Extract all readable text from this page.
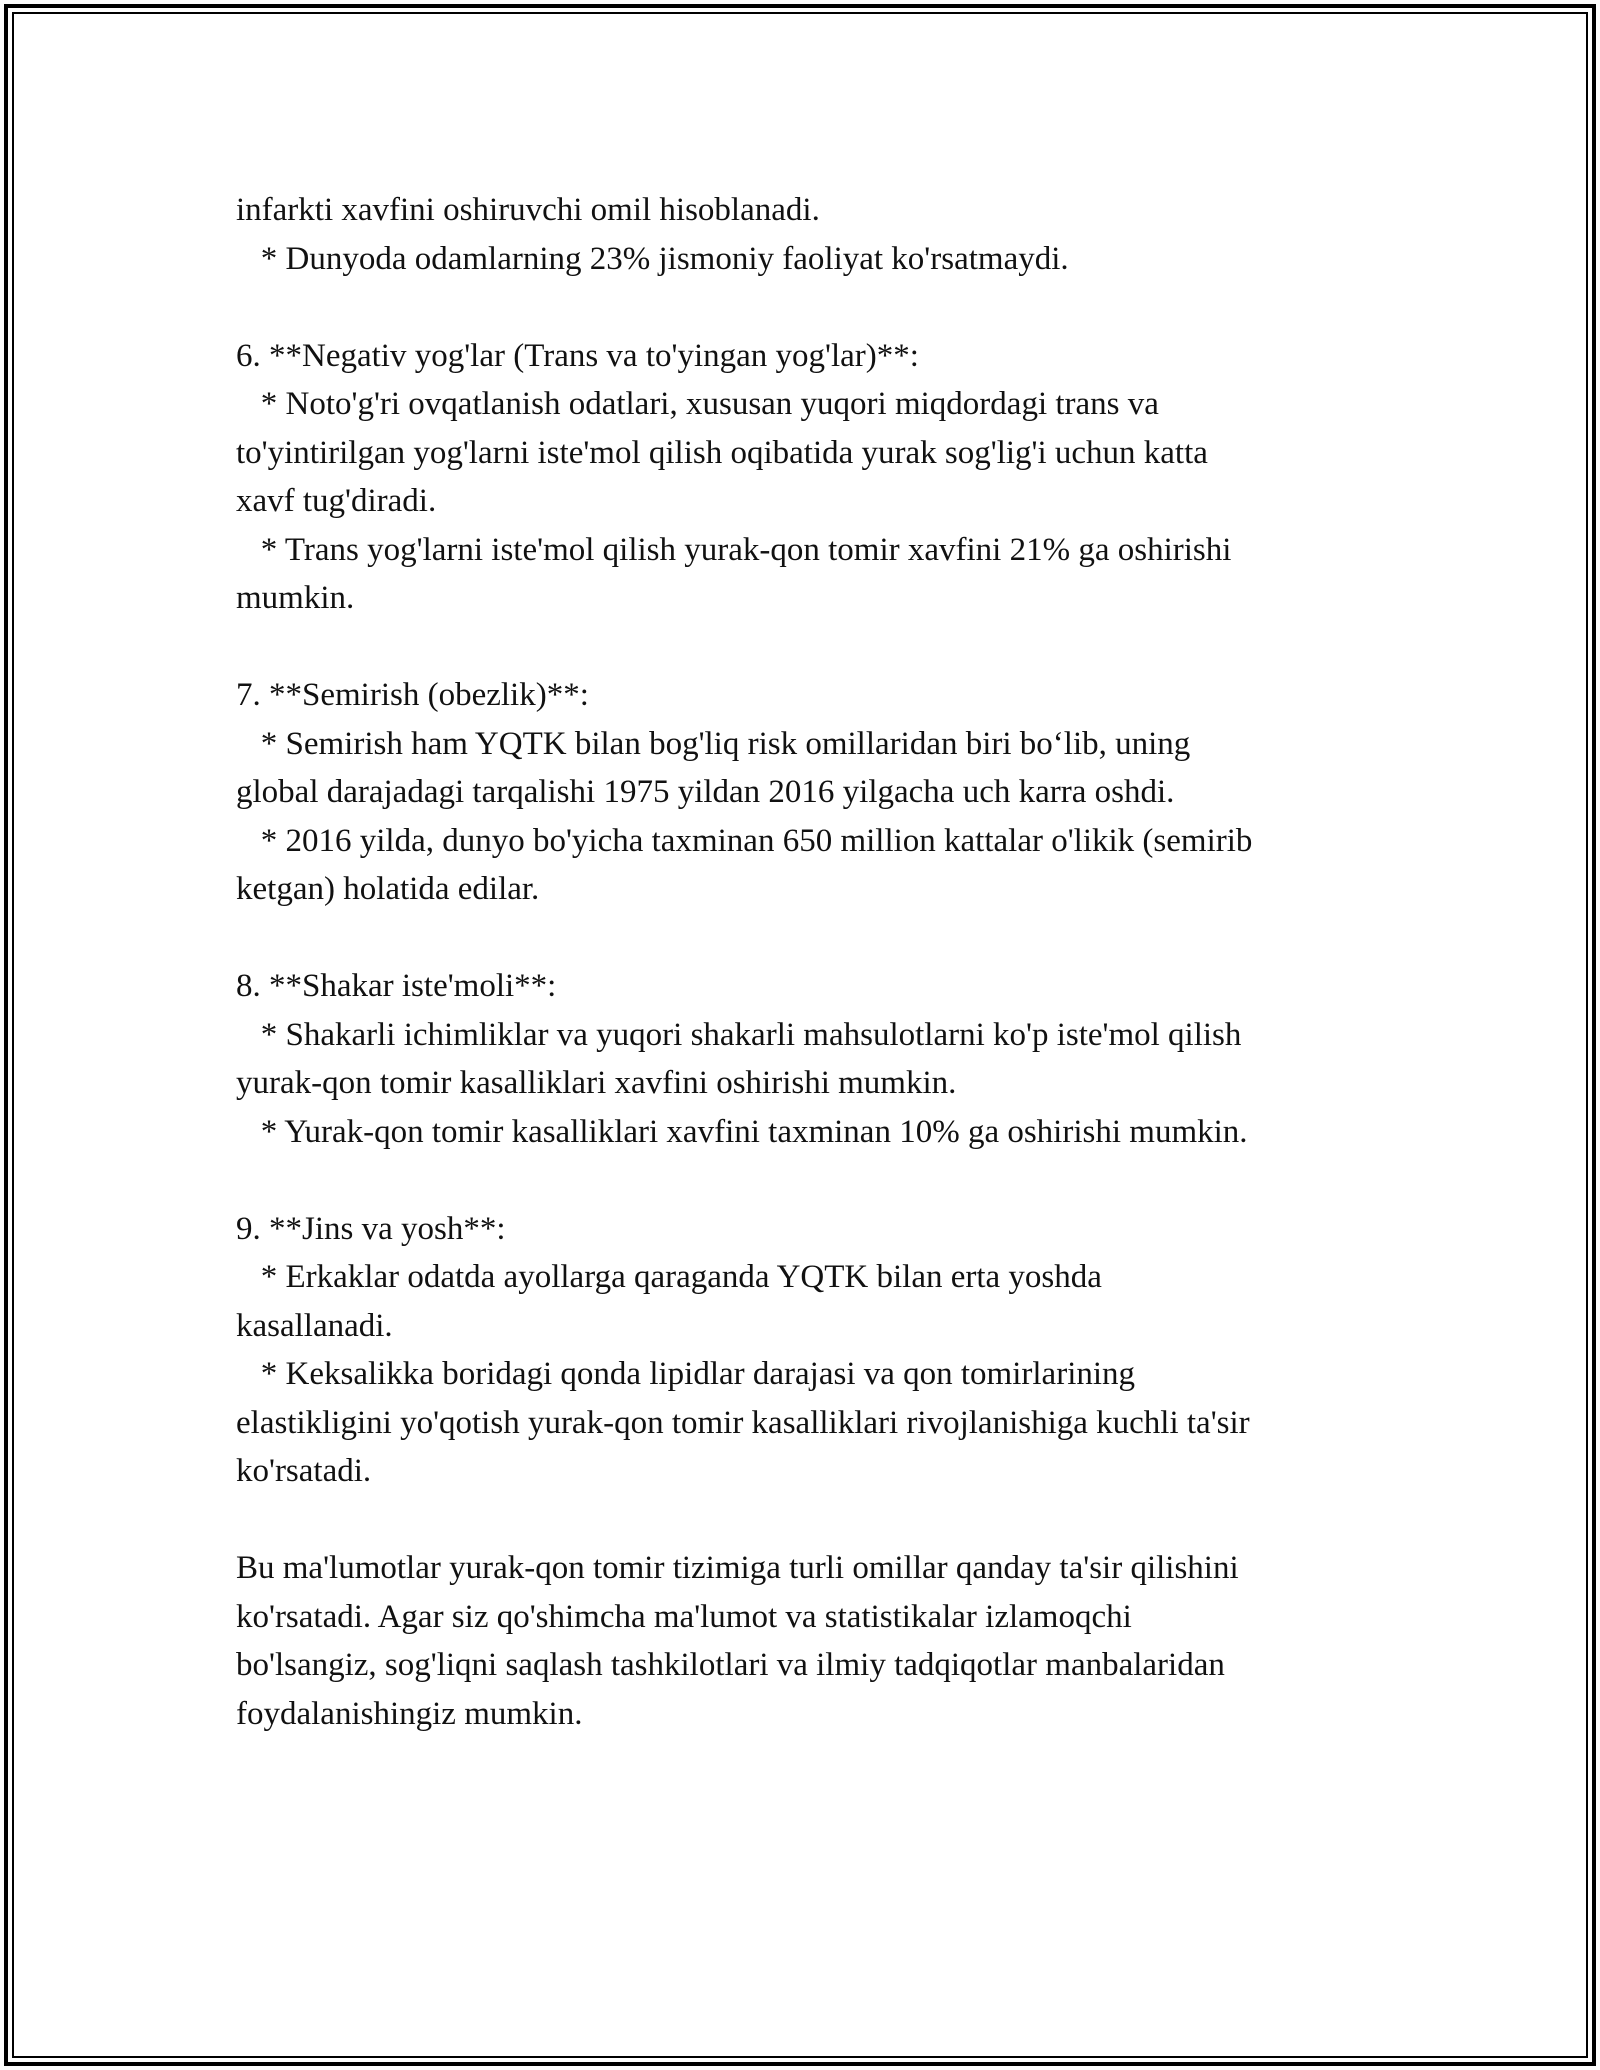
infarkti xavfini oshiruvchi omil hisoblanadi.
* Dunyoda odamlarning 23% jismoniy faoliyat ko'rsatmaydi.
6. **Negativ yog'lar (Trans va to'yingan yog'lar)**:
* Noto'g'ri ovqatlanish odatlari, xususan yuqori miqdordagi trans va
to'yintirilgan yog'larni iste'mol qilish oqibatida yurak sog'lig'i uchun katta
xavf tug'diradi.
* Trans yog'larni iste'mol qilish yurak-qon tomir xavfini 21% ga oshirishi
mumkin.
7. **Semirish (obezlik)**:
* Semirish ham YQTK bilan bog'liq risk omillaridan biri bo‘lib, uning
global darajadagi tarqalishi 1975 yildan 2016 yilgacha uch karra oshdi.
* 2016 yilda, dunyo bo'yicha taxminan 650 million kattalar o'likik (semirib
ketgan) holatida edilar.
8. **Shakar iste'moli**:
* Shakarli ichimliklar va yuqori shakarli mahsulotlarni ko'p iste'mol qilish
yurak-qon tomir kasalliklari xavfini oshirishi mumkin.
* Yurak-qon tomir kasalliklari xavfini taxminan 10% ga oshirishi mumkin.
9. **Jins va yosh**:
* Erkaklar odatda ayollarga qaraganda YQTK bilan erta yoshda
kasallanadi.
* Keksalikka boridagi qonda lipidlar darajasi va qon tomirlarining
elastikligini yo'qotish yurak-qon tomir kasalliklari rivojlanishiga kuchli ta'sir
ko'rsatadi.
Bu ma'lumotlar yurak-qon tomir tizimiga turli omillar qanday ta'sir qilishini
ko'rsatadi. Agar siz qo'shimcha ma'lumot va statistikalar izlamoqchi
bo'lsangiz, sog'liqni saqlash tashkilotlari va ilmiy tadqiqotlar manbalaridan
foydalanishingiz mumkin.
